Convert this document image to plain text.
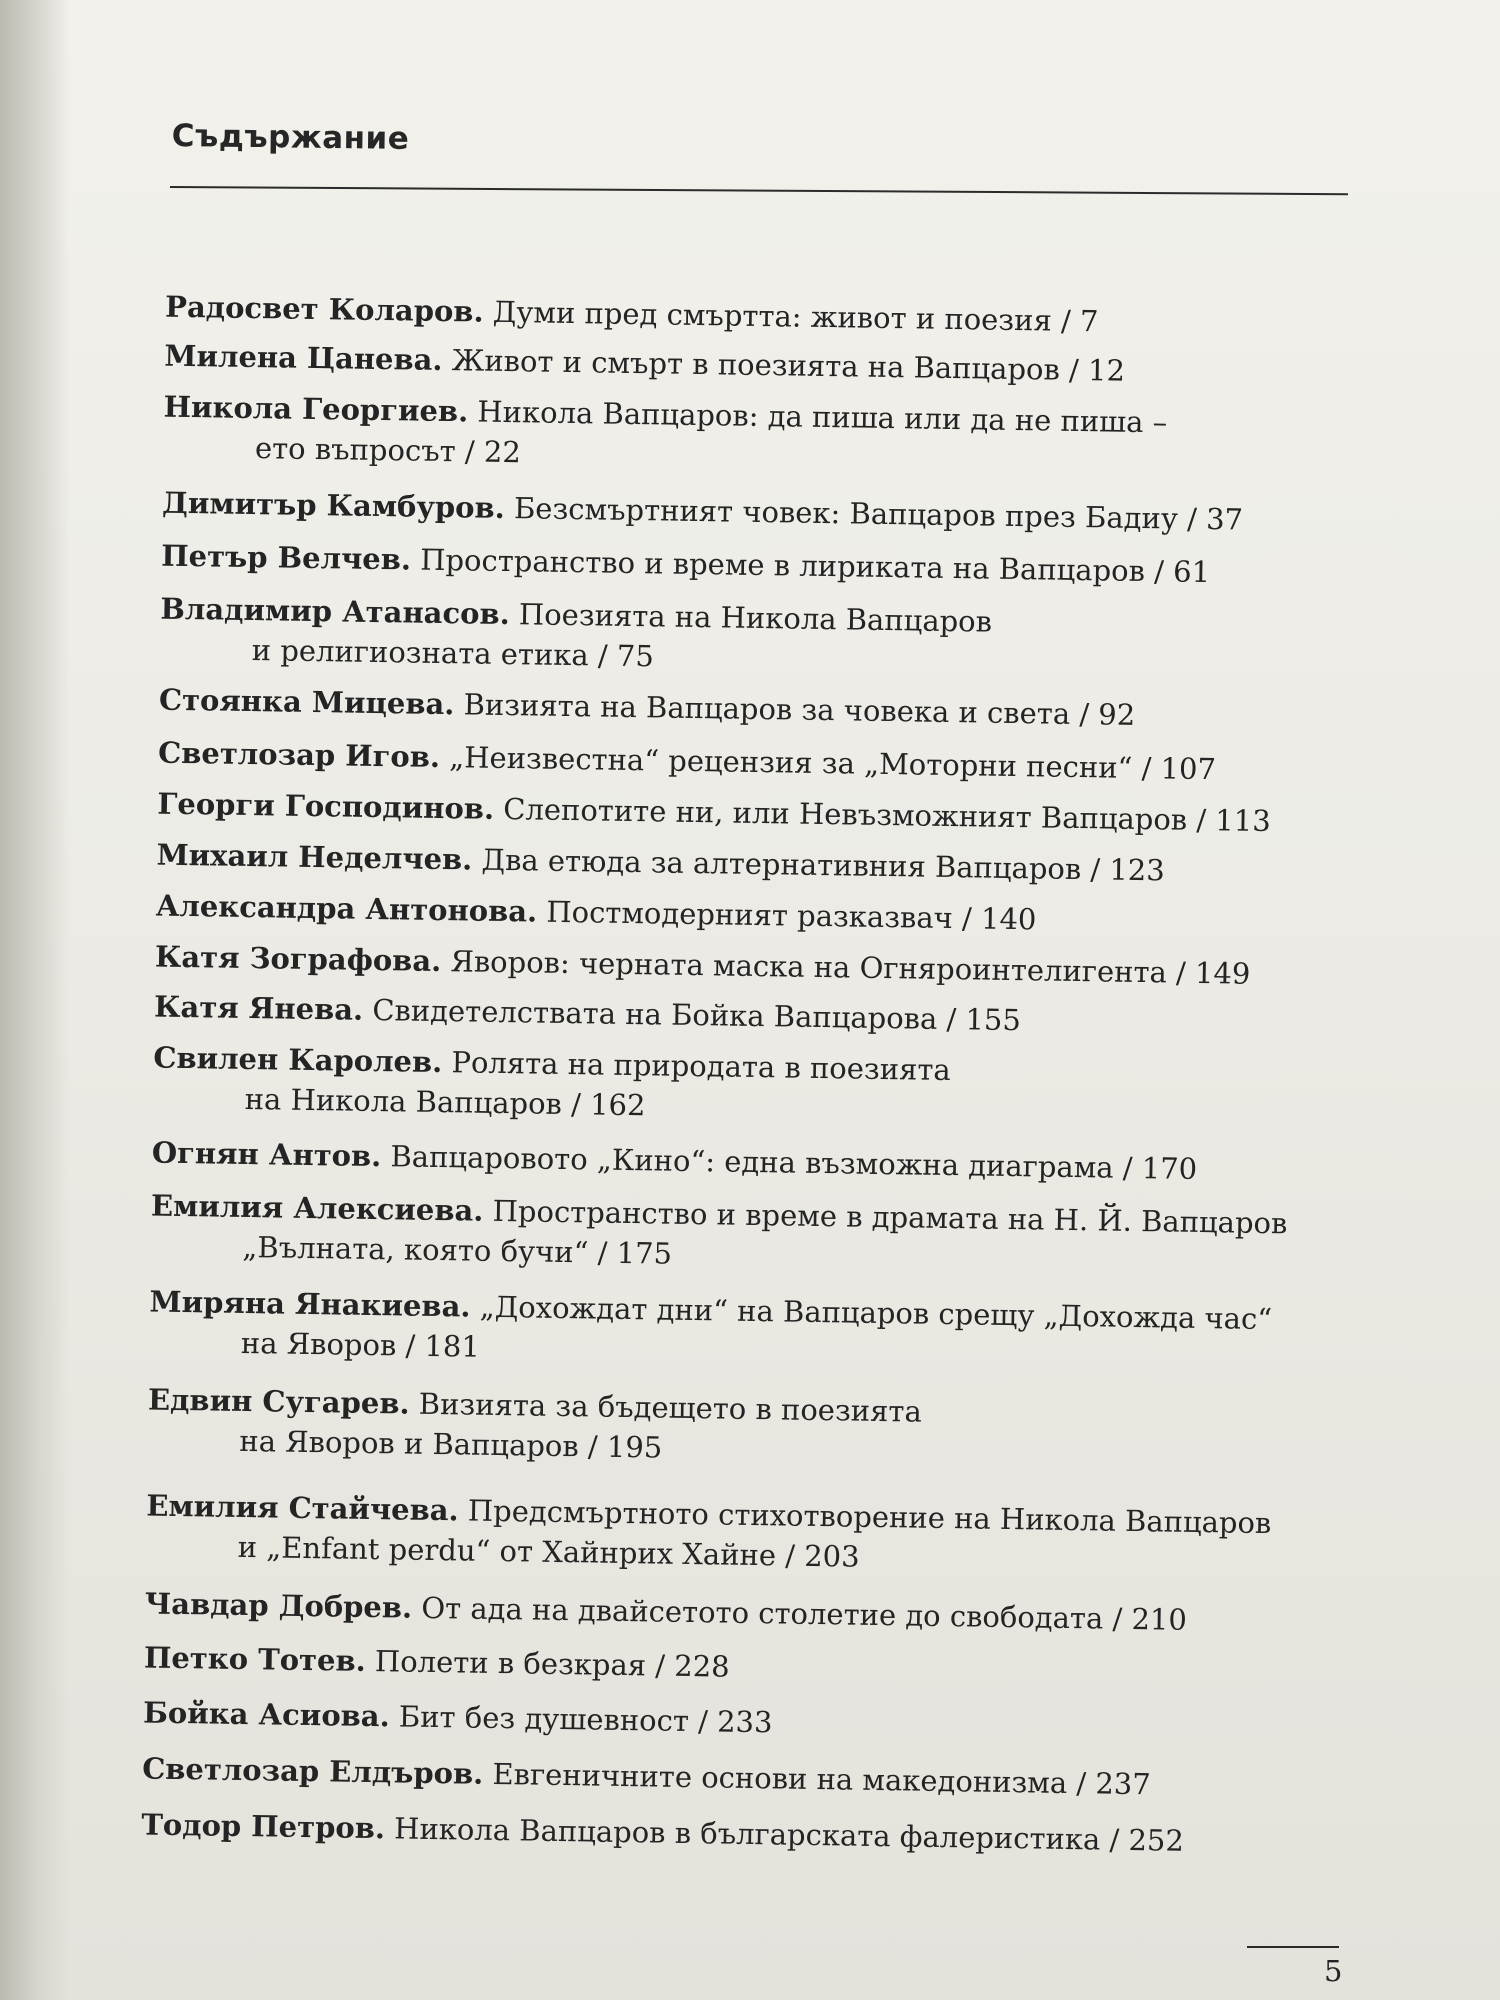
Съдържание
Радосвет Коларов. Думи пред смъртта: живот и поезия / 7
Милена Цанева. Живот и смърт в поезията на Вапцаров / 12
Никола Георгиев. Никола Вапцаров: да пиша или да не пиша –
ето въпросът / 22
Димитър Камбуров. Безсмъртният човек: Вапцаров през Бадиу / 37
Петър Велчев. Пространство и време в лириката на Вапцаров / 61
Владимир Атанасов. Поезията на Никола Вапцаров
и религиозната етика / 75
Стоянка Мицева. Визията на Вапцаров за човека и света / 92
Светлозар Игов. „Неизвестна“ рецензия за „Моторни песни“ / 107
Георги Господинов. Слепотите ни, или Невъзможният Вапцаров / 113
Михаил Неделчев. Два етюда за алтернативния Вапцаров / 123
Александра Антонова. Постмодерният разказвач / 140
Катя Зографова. Яворов: черната маска на Огняроинтелигента / 149
Катя Янева. Свидетелствата на Бойка Вапцарова / 155
Свилен Каролев. Ролята на природата в поезията
на Никола Вапцаров / 162
Огнян Антов. Вапцаровото „Кино“: една възможна диаграма / 170
Емилия Алексиева. Пространство и време в драмата на Н. Й. Вапцаров
„Вълната, която бучи“ / 175
Миряна Янакиева. „Дохождат дни“ на Вапцаров срещу „Дохожда час“
на Яворов / 181
Едвин Сугарев. Визията за бъдещето в поезията
на Яворов и Вапцаров / 195
Емилия Стайчева. Предсмъртното стихотворение на Никола Вапцаров
и „Enfant perdu“ от Хайнрих Хайне / 203
Чавдар Добрев. От ада на двайсетото столетие до свободата / 210
Петко Тотев. Полети в безкрая / 228
Бойка Асиова. Бит без душевност / 233
Светлозар Елдъров. Евгеничните основи на македонизма / 237
Тодор Петров. Никола Вапцаров в българската фалеристика / 252
5
